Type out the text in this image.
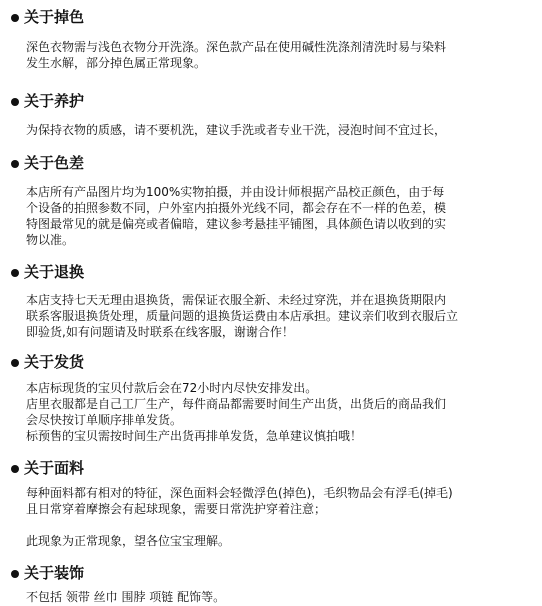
关于掉色
深色衣物需与浅色衣物分开洗涤。深色款产品在使用碱性洗涤剂清洗时易与染料
发生水解，部分掉色属正常现象。
关于养护
为保持衣物的质感，请不要机洗，建议手洗或者专业干洗，浸泡时间不宜过长，
关于色差
本店所有产品图片均为100%实物拍摄，并由设计师根据产品校正颜色，由于每
个设备的拍照参数不同，户外室内拍摄外光线不同，都会存在不一样的色差，模
特图最常见的就是偏亮或者偏暗，建议参考悬挂平铺图，具体颜色请以收到的实
物以准。
关于退换
本店支持七天无理由退换货，需保证衣服全新、未经过穿洗，并在退换货期限内
联系客服退换货处理，质量问题的退换货运费由本店承担。建议亲们收到衣服后立
即验货,如有问题请及时联系在线客服，谢谢合作！
关于发货
本店标现货的宝贝付款后会在72小时内尽快安排发出。
店里衣服都是自己工厂生产，每件商品都需要时间生产出货，出货后的商品我们
会尽快按订单顺序排单发货。
标预售的宝贝需按时间生产出货再排单发货，急单建议慎拍哦！
关于面料
每种面料都有相对的特征，深色面料会轻微浮色(掉色)，毛织物品会有浮毛(掉毛)
且日常穿着摩擦会有起球现象，需要日常洗护穿着注意；
此现象为正常现象，望各位宝宝理解。
关于装饰
不包括 领带 丝巾 围脖 项链 配饰等。
